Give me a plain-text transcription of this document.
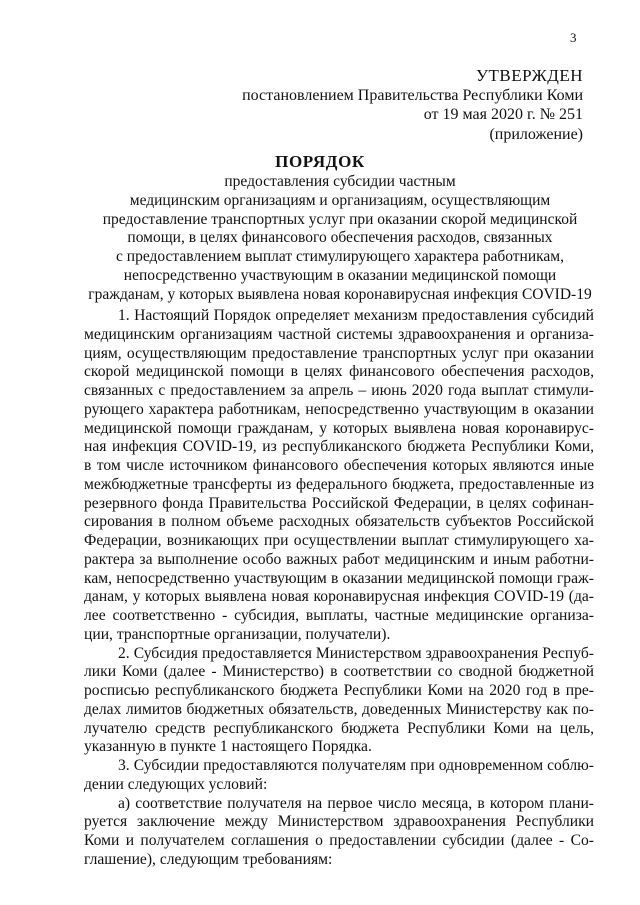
3
УТВЕРЖДЕН
постановлением Правительства Республики Коми
от 19 мая 2020 г. № 251
(приложение)
ПОРЯДОК
предоставления субсидии частным
медицинским организациям и организациям, осуществляющим
предоставление транспортных услуг при оказании скорой медицинской
помощи, в целях финансового обеспечения расходов, связанных
с предоставлением выплат стимулирующего характера работникам,
непосредственно участвующим в оказании медицинской помощи
гражданам, у которых выявлена новая коронавирусная инфекция COVID-19
1. Настоящий Порядок определяет механизм предоставления субсидий
медицинским организациям частной системы здравоохранения и организа-
циям, осуществляющим предоставление транспортных услуг при оказании
скорой медицинской помощи в целях финансового обеспечения расходов,
связанных с предоставлением за апрель – июнь 2020 года выплат стимули-
рующего характера работникам, непосредственно участвующим в оказании
медицинской помощи гражданам, у которых выявлена новая коронавирус-
ная инфекция COVID-19, из республиканского бюджета Республики Коми,
в том числе источником финансового обеспечения которых являются иные
межбюджетные трансферты из федерального бюджета, предоставленные из
резервного фонда Правительства Российской Федерации, в целях софинан-
сирования в полном объеме расходных обязательств субъектов Российской
Федерации, возникающих при осуществлении выплат стимулирующего ха-
рактера за выполнение особо важных работ медицинским и иным работни-
кам, непосредственно участвующим в оказании медицинской помощи граж-
данам, у которых выявлена новая коронавирусная инфекция COVID-19 (да-
лее соответственно - субсидия, выплаты, частные медицинские организа-
ции, транспортные организации, получатели).
2. Субсидия предоставляется Министерством здравоохранения Респуб-
лики Коми (далее - Министерство) в соответствии со сводной бюджетной
росписью республиканского бюджета Республики Коми на 2020 год в пре-
делах лимитов бюджетных обязательств, доведенных Министерству как по-
лучателю средств республиканского бюджета Республики Коми на цель,
указанную в пункте 1 настоящего Порядка.
3. Субсидии предоставляются получателям при одновременном соблю-
дении следующих условий:
а) соответствие получателя на первое число месяца, в котором плани-
руется заключение между Министерством здравоохранения Республики
Коми и получателем соглашения о предоставлении субсидии (далее - Со-
глашение), следующим требованиям:
